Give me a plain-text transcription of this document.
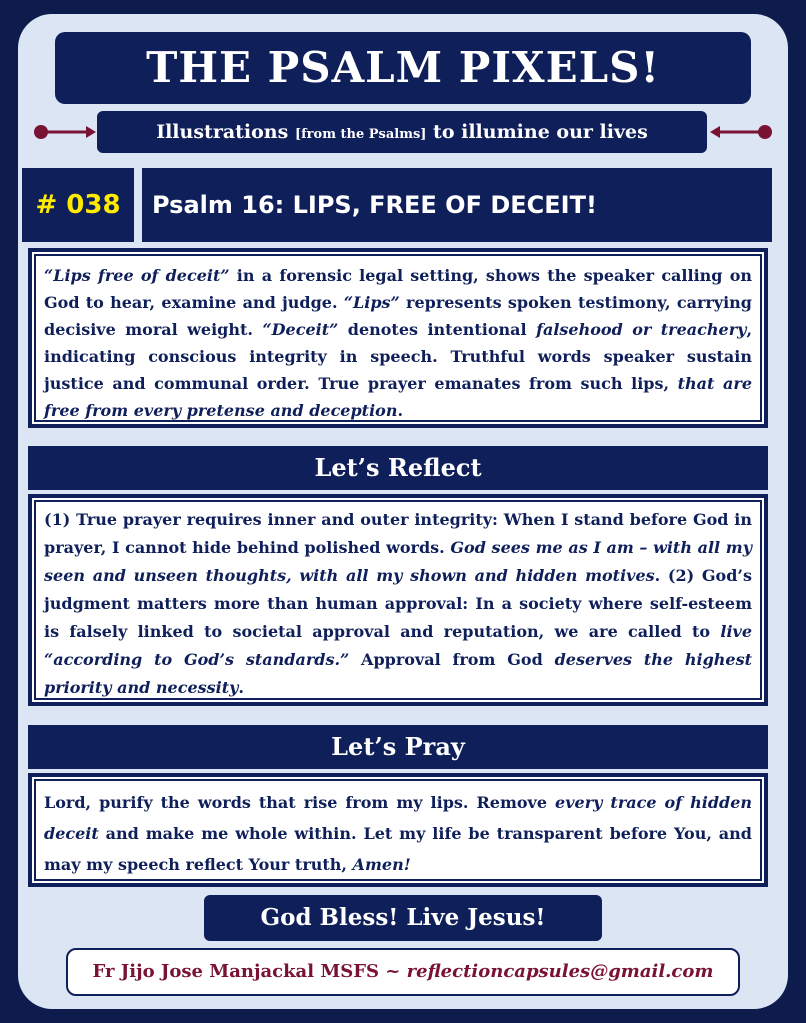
THE PSALM PIXELS!
Illustrations [from the Psalms] to illumine our lives
# 038	Psalm 16: LIPS, FREE OF DECEIT!
“Lips free of deceit” in a forensic legal setting, shows the speaker calling on God to hear, examine and judge. “Lips” represents spoken testimony, carrying decisive moral weight. “Deceit” denotes intentional falsehood or treachery, indicating conscious integrity in speech. Truthful words speaker sustain justice and communal order. True prayer emanates from such lips, that are free from every pretense and deception.
Let’s Reflect
(1) True prayer requires inner and outer integrity: When I stand before God in prayer, I cannot hide behind polished words. God sees me as I am – with all my seen and unseen thoughts, with all my shown and hidden motives. (2) God’s judgment matters more than human approval: In a society where self-esteem is falsely linked to societal approval and reputation, we are called to live “according to God’s standards.” Approval from God deserves the highest priority and necessity.
Let’s Pray
Lord, purify the words that rise from my lips. Remove every trace of hidden deceit and make me whole within. Let my life be transparent before You, and may my speech reflect Your truth, Amen!
God Bless! Live Jesus!
Fr Jijo Jose Manjackal MSFS ~ reflectioncapsules@gmail.com
